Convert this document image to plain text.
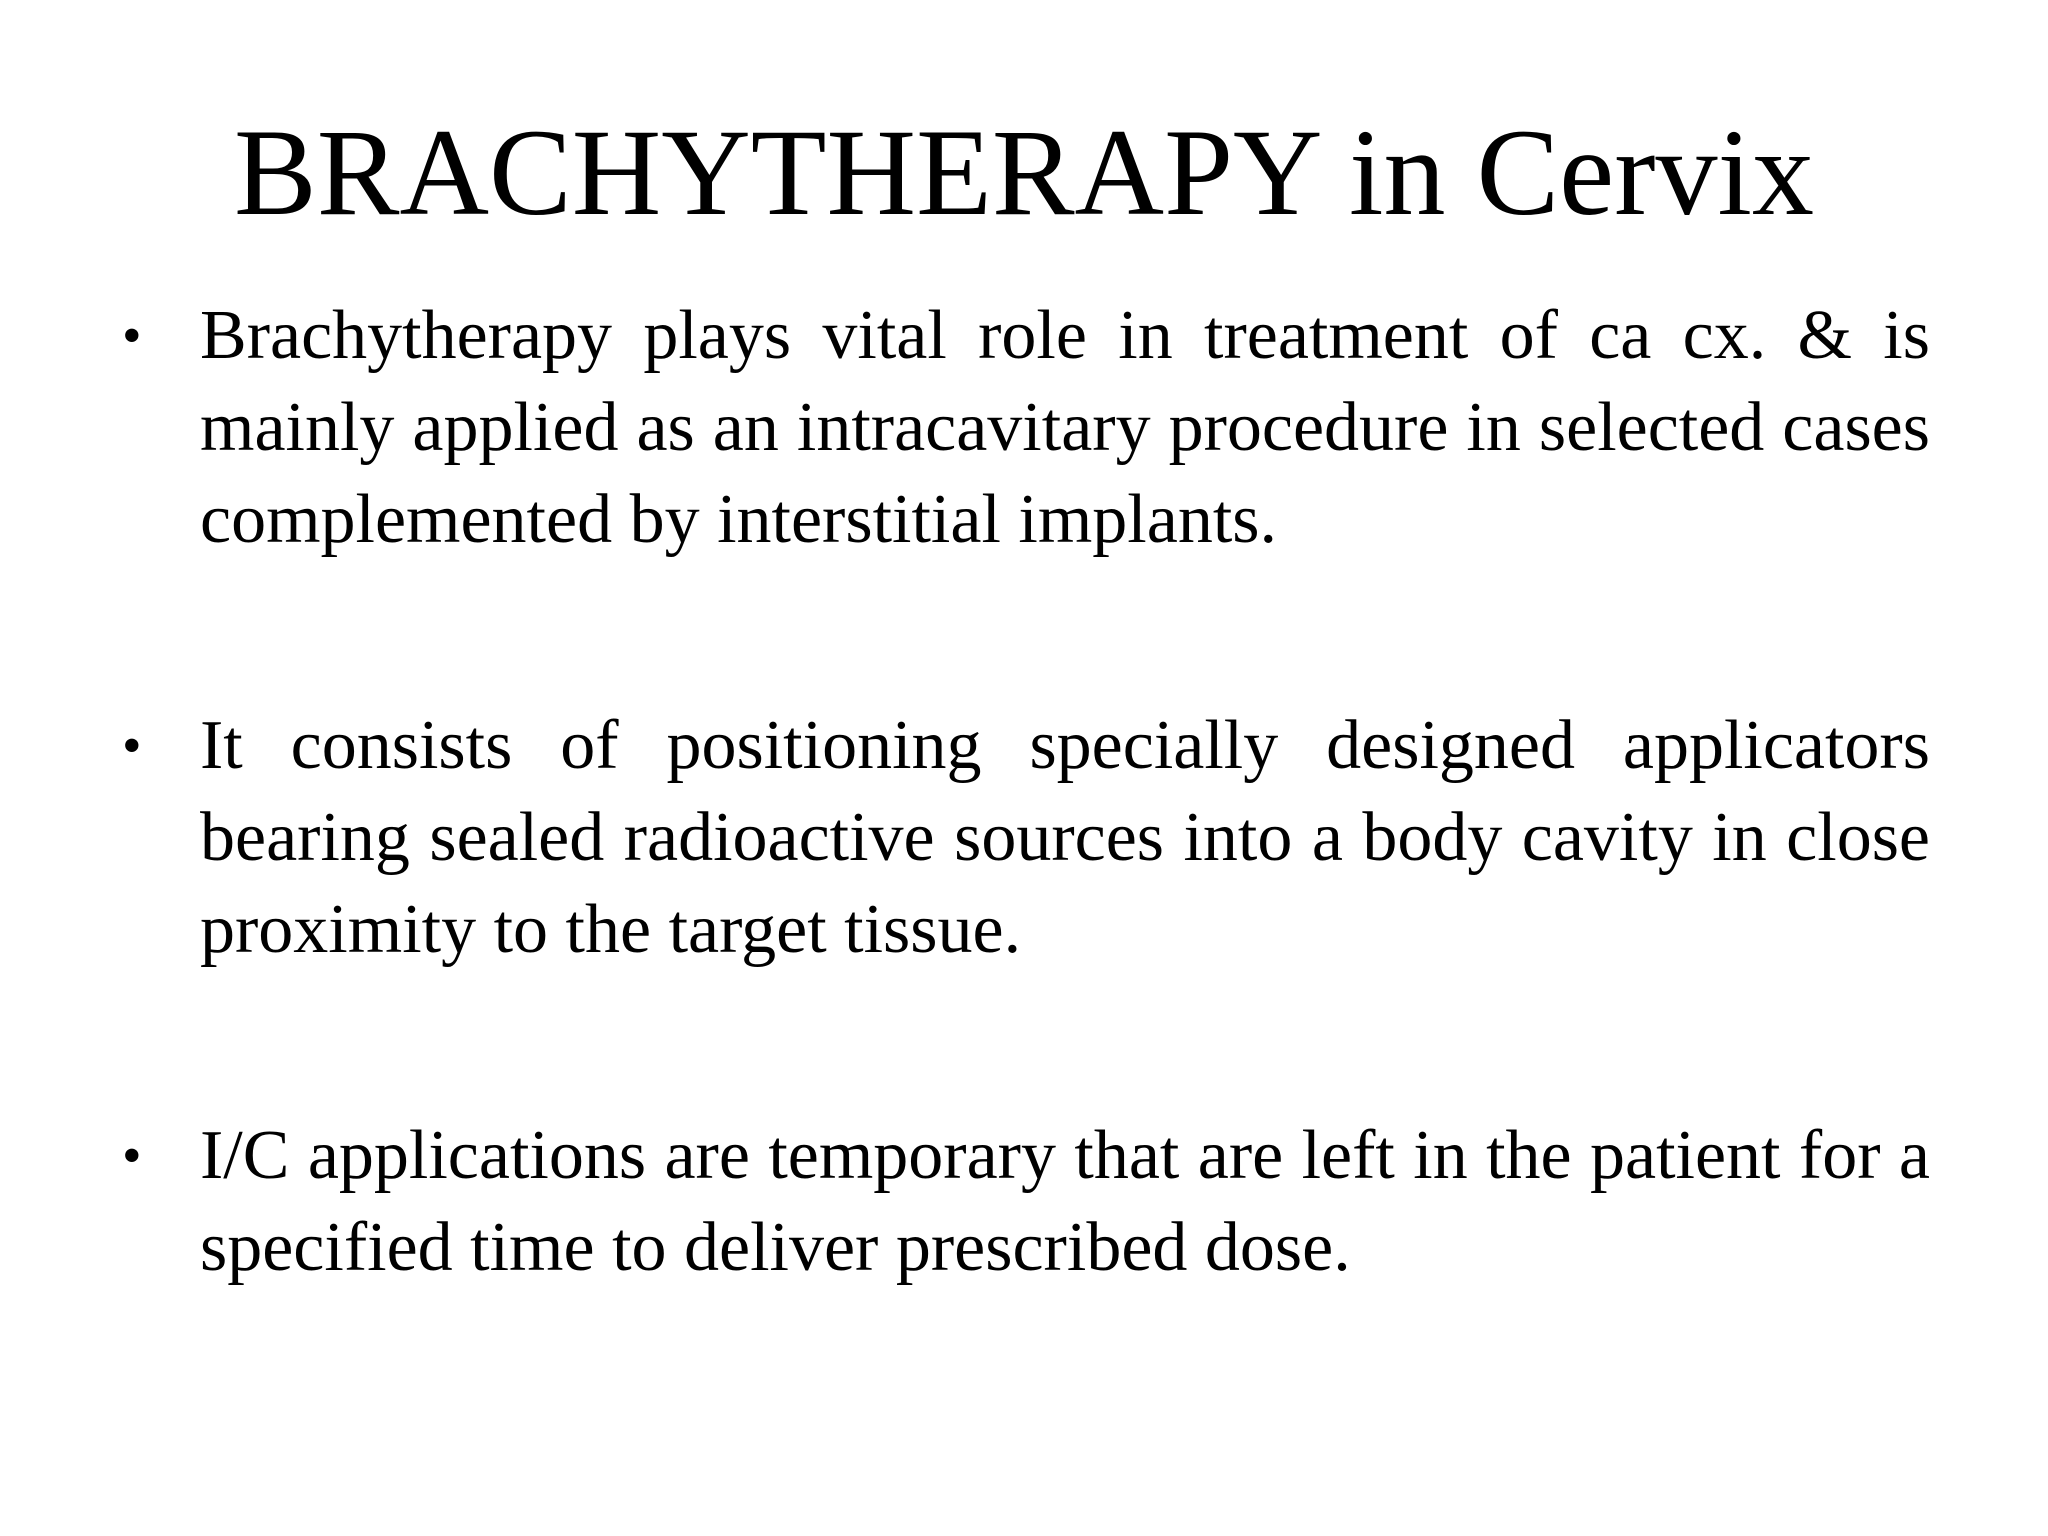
BRACHYTHERAPY in Cervix
• Brachytherapy plays vital role in treatment of ca cx. & is mainly applied as an intracavitary procedure in selected cases complemented by interstitial implants.
• It consists of positioning specially designed applicators bearing sealed radioactive sources into a body cavity in close proximity to the target tissue.
• I/C applications are temporary that are left in the patient for a specified time to deliver prescribed dose.
